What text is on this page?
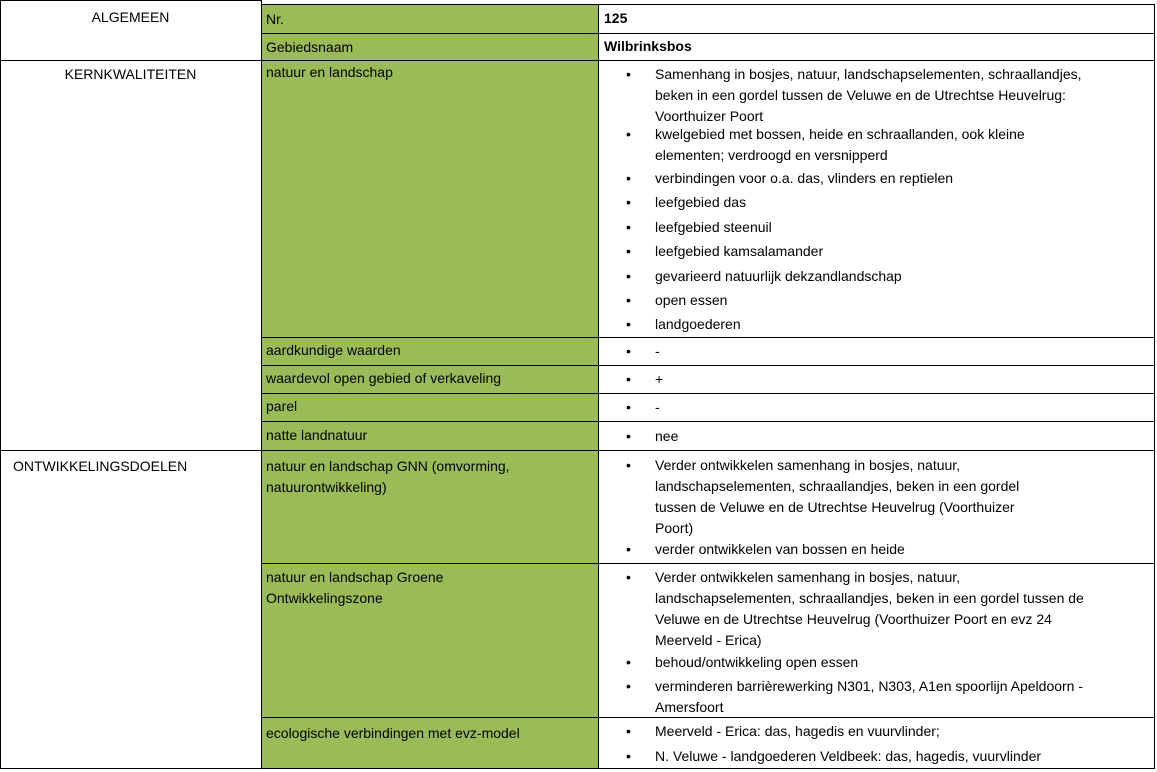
ALGEMEEN
KERNKWALITEITEN
ONTWIKKELINGSDOELEN
Nr.
Gebiedsnaam
natuur en landschap
aardkundige waarden
waardevol open gebied of verkaveling
parel
natte landnatuur
natuur en landschap GNN (omvorming,
natuurontwikkeling)
natuur en landschap Groene
Ontwikkelingszone
ecologische verbindingen met evz-model
125
Wilbrinksbos
• Samenhang in bosjes, natuur, landschapselementen, schraallandjes,
beken in een gordel tussen de Veluwe en de Utrechtse Heuvelrug:
Voorthuizer Poort
• kwelgebied met bossen, heide en schraallanden, ook kleine
elementen; verdroogd en versnipperd
• verbindingen voor o.a. das, vlinders en reptielen
• leefgebied das
• leefgebied steenuil
• leefgebied kamsalamander
• gevarieerd natuurlijk dekzandlandschap
• open essen
• landgoederen
• -
• +
• -
• nee
• Verder ontwikkelen samenhang in bosjes, natuur,
landschapselementen, schraallandjes, beken in een gordel
tussen de Veluwe en de Utrechtse Heuvelrug (Voorthuizer
Poort)
• verder ontwikkelen van bossen en heide
• Verder ontwikkelen samenhang in bosjes, natuur,
landschapselementen, schraallandjes, beken in een gordel tussen de
Veluwe en de Utrechtse Heuvelrug (Voorthuizer Poort en evz 24
Meerveld - Erica)
• behoud/ontwikkeling open essen
• verminderen barrièrewerking N301, N303, A1en spoorlijn Apeldoorn -
Amersfoort
• Meerveld - Erica: das, hagedis en vuurvlinder;
• N. Veluwe - landgoederen Veldbeek: das, hagedis, vuurvlinder
